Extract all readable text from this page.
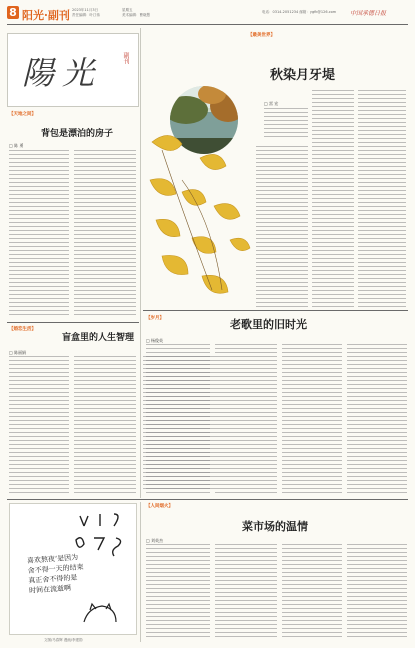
8 阳光·副刊 2023年11月3日
责任编辑：叶江伟
星期五
美术编辑：曹晓慧
电话：0314-2051234 邮箱：ygfk@126.com 中国承德日报
陽光	副刊
【天地之间】
背包是漂泊的房子
□ 陈 勇
【婚恋生活】
盲盒里的人生智理
□ 陈丽娟
【最美世界】
秋染月牙堤
□ 雷 宏
【岁月】	老歌里的旧时光
□ 杨俊英
喜欢熬夜‘是因为
舍不得一天的结束
真正舍不得的是
时间在流逝啊
文图/马春辉 漫画/李建勋
【人间烟火】
菜市场的温情
□ 刘英杰
